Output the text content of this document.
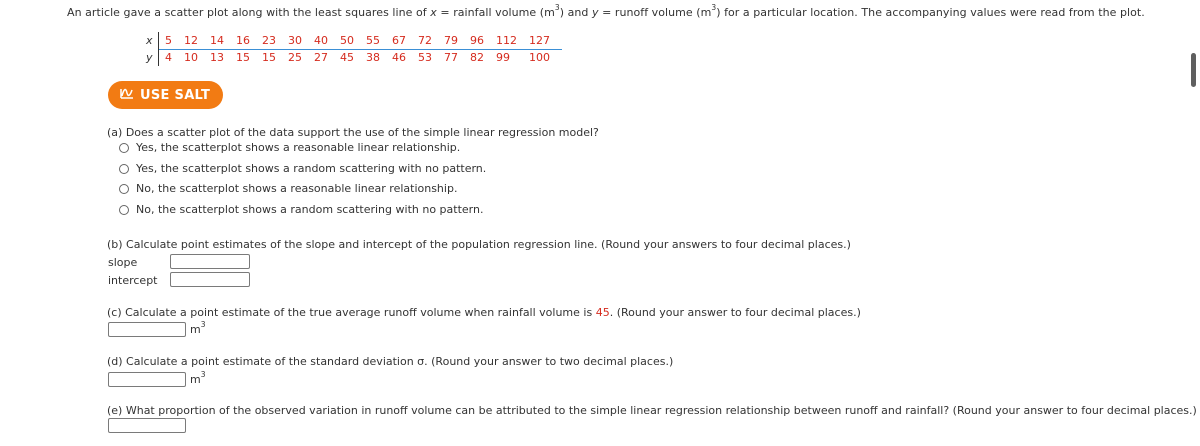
An article gave a scatter plot along with the least squares line of x = rainfall volume $(m^3)$ and y = runoff volume $(m^3)$ for a particular location. The accompanying values were read from the plot.
x	5 12 14 16 23 30 40 50 55 67 72 79 96 112 127
y	4 10 13 15 15 25 27 45 38 46 53 77 82 99	100
USE SALT
(a) Does a scatter plot of the data support the use of the simple linear regression model?
Yes, the scatterplot shows a reasonable linear relationship.
Yes, the scatterplot shows a random scattering with no pattern.
No, the scatterplot shows a reasonable linear relationship.
No, the scatterplot shows a random scattering with no pattern.
(b) Calculate point estimates of the slope and intercept of the population regression line. (Round your answers to four decimal places.)
slope
intercept
(c) Calculate a point estimate of the true average runoff volume when rainfall volume is 45. (Round your answer to four decimal places.)
$m^3$
(d) Calculate a point estimate of the standard deviation σ. (Round your answer to two decimal places.)
$m^3$
(e) What proportion of the observed variation in runoff volume can be attributed to the simple linear regression relationship between runoff and rainfall? (Round your answer to four decimal places.)
